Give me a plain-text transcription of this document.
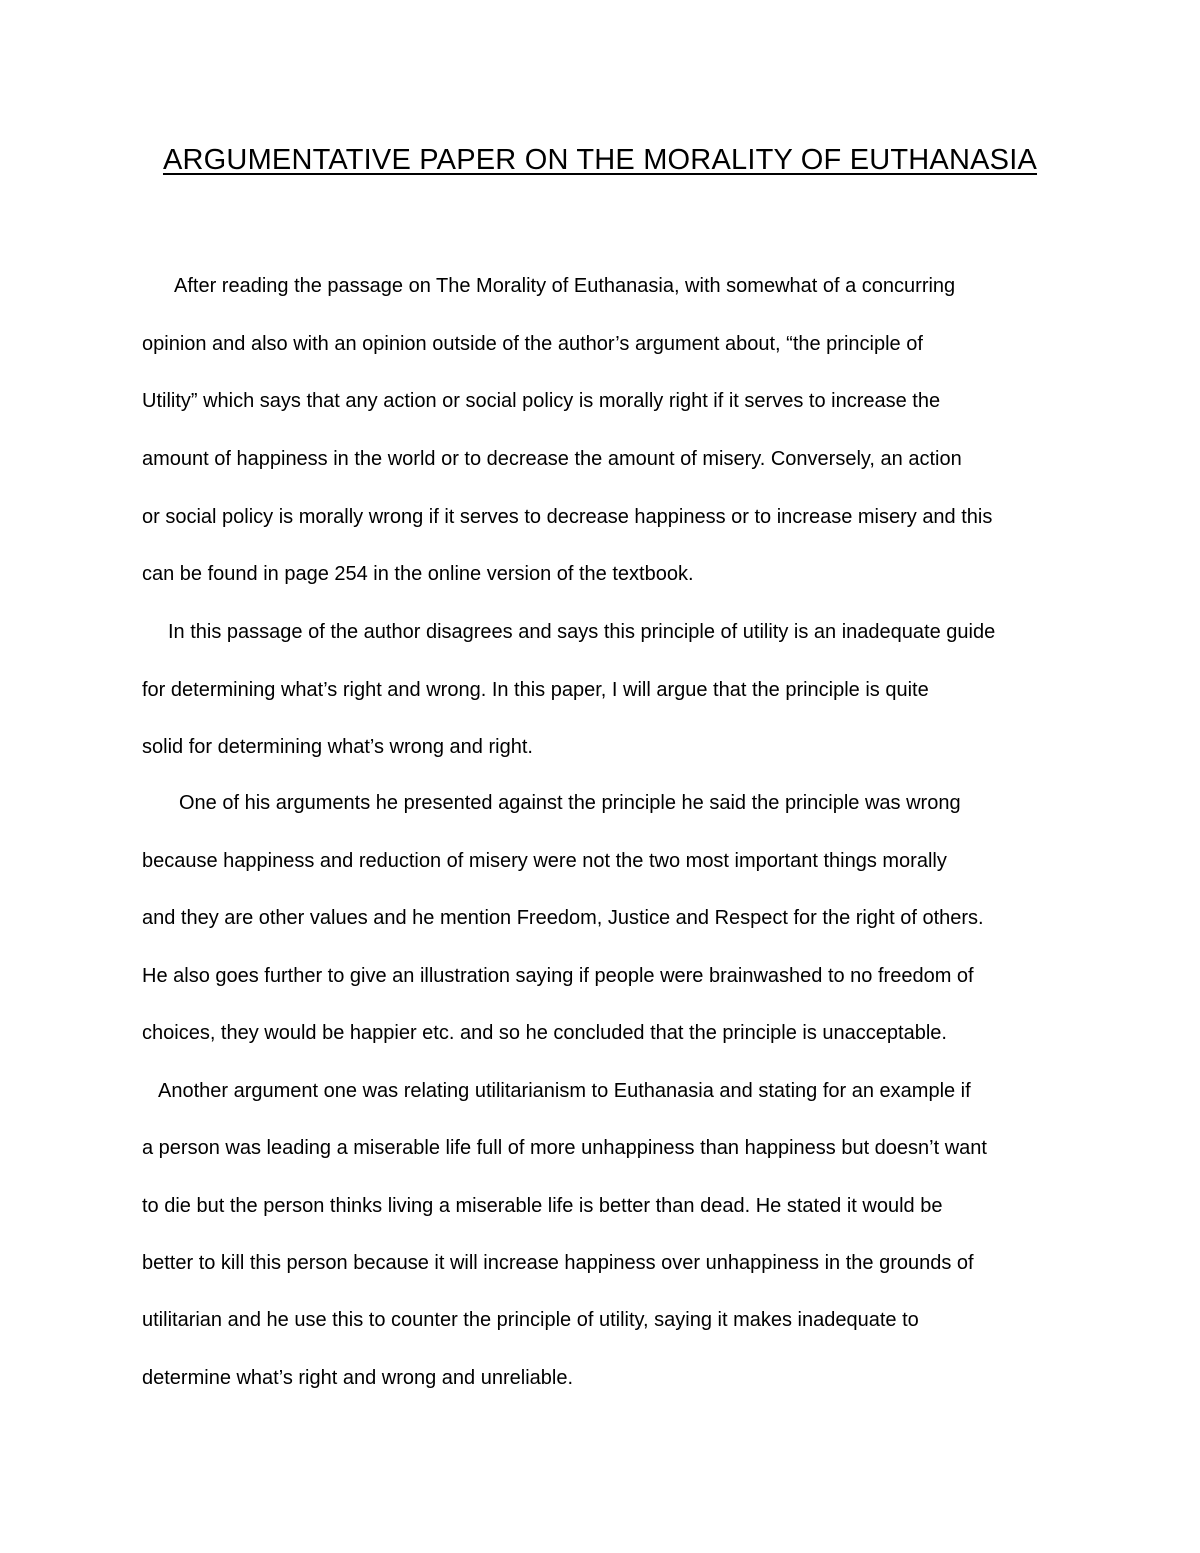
ARGUMENTATIVE PAPER ON THE MORALITY OF EUTHANASIA
After reading the passage on The Morality of Euthanasia, with somewhat of a concurring
opinion and also with an opinion outside of the author’s argument about, “the principle of
Utility” which says that any action or social policy is morally right if it serves to increase the
amount of happiness in the world or to decrease the amount of misery. Conversely, an action
or social policy is morally wrong if it serves to decrease happiness or to increase misery and this
can be found in page 254 in the online version of the textbook.
In this passage of the author disagrees and says this principle of utility is an inadequate guide
for determining what’s right and wrong. In this paper, I will argue that the principle is quite
solid for determining what’s wrong and right.
One of his arguments he presented against the principle he said the principle was wrong
because happiness and reduction of misery were not the two most important things morally
and they are other values and he mention Freedom, Justice and Respect for the right of others.
He also goes further to give an illustration saying if people were brainwashed to no freedom of
choices, they would be happier etc. and so he concluded that the principle is unacceptable.
Another argument one was relating utilitarianism to Euthanasia and stating for an example if
a person was leading a miserable life full of more unhappiness than happiness but doesn’t want
to die but the person thinks living a miserable life is better than dead. He stated it would be
better to kill this person because it will increase happiness over unhappiness in the grounds of
utilitarian and he use this to counter the principle of utility, saying it makes inadequate to
determine what’s right and wrong and unreliable.
